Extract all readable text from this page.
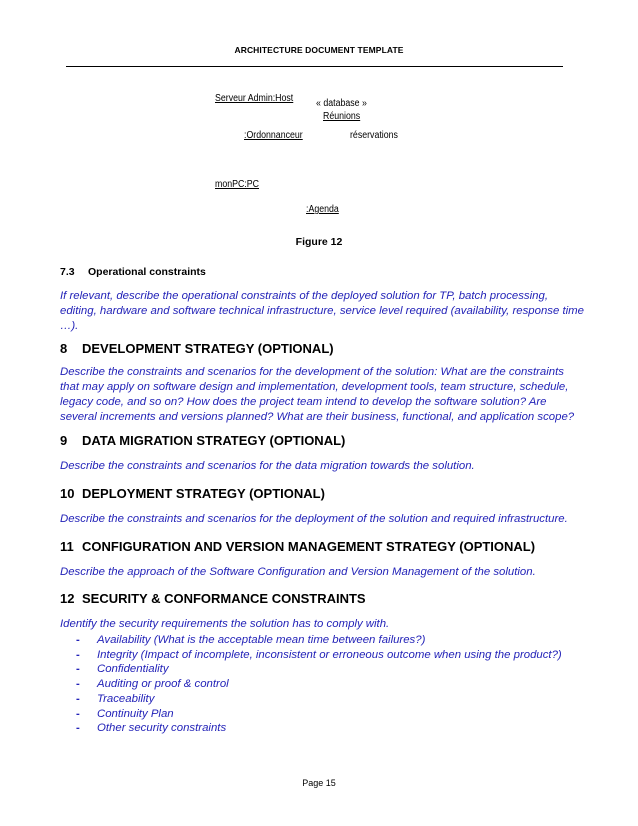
ARCHITECTURE DOCUMENT TEMPLATE
Serveur Admin:Host « database »
Réunions
:Ordonnanceur	réservations
monPC:PC
:Agenda
Figure 12
7.3 Operational constraints
If relevant, describe the operational constraints of the deployed solution for TP, batch processing, editing, hardware and software technical infrastructure, service level required (availability, response time …).
8 DEVELOPMENT STRATEGY (OPTIONAL)
Describe the constraints and scenarios for the development of the solution: What are the constraints that may apply on software design and implementation, development tools, team structure, schedule, legacy code, and so on? How does the project team intend to develop the software solution? Are several increments and versions planned? What are their business, functional, and application scope?
9 DATA MIGRATION STRATEGY (OPTIONAL)
Describe the constraints and scenarios for the data migration towards the solution.
10 DEPLOYMENT STRATEGY (OPTIONAL)
Describe the constraints and scenarios for the deployment of the solution and required infrastructure.
11 CONFIGURATION AND VERSION MANAGEMENT STRATEGY (OPTIONAL)
Describe the approach of the Software Configuration and Version Management of the solution.
12 SECURITY & CONFORMANCE CONSTRAINTS
Identify the security requirements the solution has to comply with.
- Availability (What is the acceptable mean time between failures?)
- Integrity (Impact of incomplete, inconsistent or erroneous outcome when using the product?)
- Confidentiality
- Auditing or proof & control
- Traceability
- Continuity Plan
- Other security constraints
Page 15
